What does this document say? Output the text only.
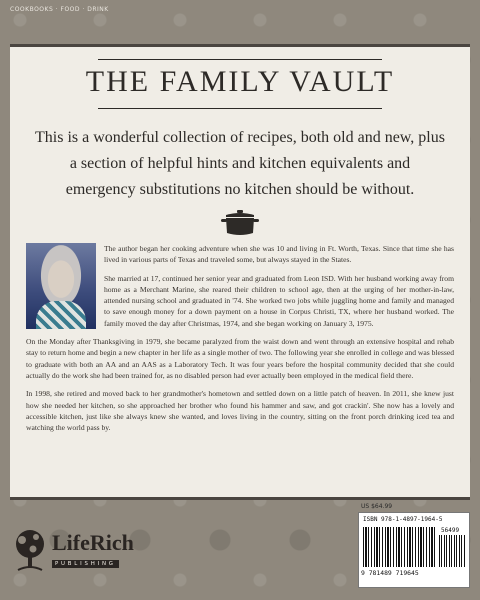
COOKBOOKS · FOOD · DRINK
THE FAMILY VAULT
This is a wonderful collection of recipes, both old and new, plus a section of helpful hints and kitchen equivalents and emergency substitutions no kitchen should be without.

The author began her cooking adventure when she was 10 and living in Ft. Worth, Texas. Since that time she has lived in various parts of Texas and traveled some, but always stayed in the States.

She married at 17, continued her senior year and graduated from Leon ISD. With her husband working away from home as a Merchant Marine, she reared their children to school age, then at the urging of her mother-in-law, attended nursing school and graduated in '74. She worked two jobs while juggling home and family and managed to save enough money for a down payment on a house in Corpus Christi, TX, where her husband worked. The family moved the day after Christmas, 1974, and she began working on January 3, 1975.

On the Monday after Thanksgiving in 1979, she became paralyzed from the waist down and went through an extensive hospital and rehab stay to return home and begin a new chapter in her life as a single mother of two. The following year she enrolled in college and was blessed to graduate with both an AA and an AAS as a Laboratory Tech. It was four years before the hospital community decided that she could actually do the work she had been trained for, as no disabled person had ever actually been employed in the medical field there.

In 1998, she retired and moved back to her grandmother's hometown and settled down on a little patch of heaven. In 2011, she knew just how she needed her kitchen, so she approached her brother who found his hammer and saw, and got crackin'. She now has a lovely and accessible kitchen, just like she always knew she wanted, and loves living in the country, sitting on the front porch drinking iced tea and watching the world pass by.

LifeRich
PUBLISHING
US $64.99
ISBN 978-1-4897-1964-5
56499
9 781489 719645
